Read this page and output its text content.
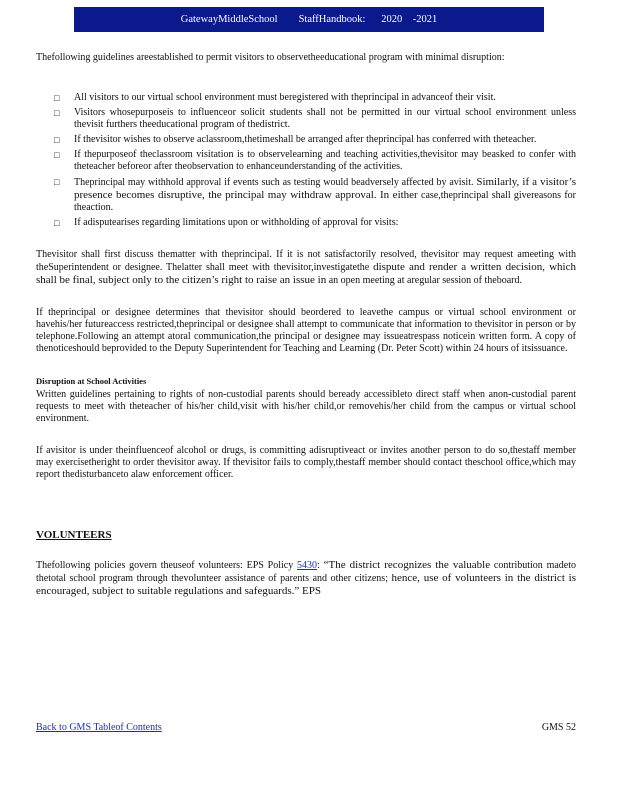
GatewayMiddleSchool
StaffHandbook:
2020
-2021

Thefollowing guidelines areestablished to permit visitors to observetheeducational program with minimal disruption:

□ All visitors to our virtual school environment must beregistered with theprincipal in advanceof their visit.
□ Visitors whosepurposeis to influenceor solicit students shall not be permitted in our virtual school environment unless thevisit furthers theeducational program of thedistrict.
□ If thevisitor wishes to observe aclassroom,thetimeshall be arranged after theprincipal has conferred with theteacher.
□ If thepurposeof theclassroom visitation is to observelearning and teaching activities,thevisitor may beasked to confer with theteacher beforeor after theobservation to enhanceunderstanding of the activities.
□ Theprincipal may withhold approval if events such as testing would beadversely affected by avisit. Similarly, if a visitor’s presence becomes disruptive, the principal may withdraw approval. In either case,theprincipal shall givereasons for theaction.
□ If adisputearises regarding limitations upon or withholding of approval for visits:

Thevisitor shall first discuss thematter with theprincipal. If it is not satisfactorily resolved, thevisitor may request ameeting with theSuperintendent or designee. Thelatter shall meet with thevisitor,investigatethe dispute and render a written decision, which shall be final, subject only to the citizen’s right to raise an issue in an open meeting at aregular session of theboard.

If theprincipal or designee determines that thevisitor should beordered to leavethe campus or virtual school environment or havehis/her futureaccess restricted,theprincipal or designee shall attempt to communicate that information to thevisitor in person or by telephone.Following an attempt atoral communication,the principal or designee may issueatrespass noticein written form. A copy of thenoticeshould beprovided to the Deputy Superintendent for Teaching and Learning (Dr. Peter Scott) within 24 hours of itsissuance.

Disruption at School Activities

Written guidelines pertaining to rights of non-custodial parents should beready accessibleto direct staff when anon-custodial parent requests to meet with theteacher of his/her child,visit with his/her child,or removehis/her child from the campus or virtual school environment.

If avisitor is under theinfluenceof alcohol or drugs, is committing adisruptiveact or invites another person to do so,thestaff member may exercisetheright to order thevisitor away. If thevisitor fails to comply,thestaff member should contact theschool office,which may report thedisturbanceto alaw enforcement officer.

VOLUNTEERS

Thefollowing policies govern theuseof volunteers: EPS Policy 5430: “The district recognizes the valuable contribution madeto thetotal school program through thevolunteer assistance of parents and other citizens; hence, use of volunteers in the district is encouraged, subject to suitable regulations and safeguards.” EPS

Back to GMS Tableof Contents	GMS 52
